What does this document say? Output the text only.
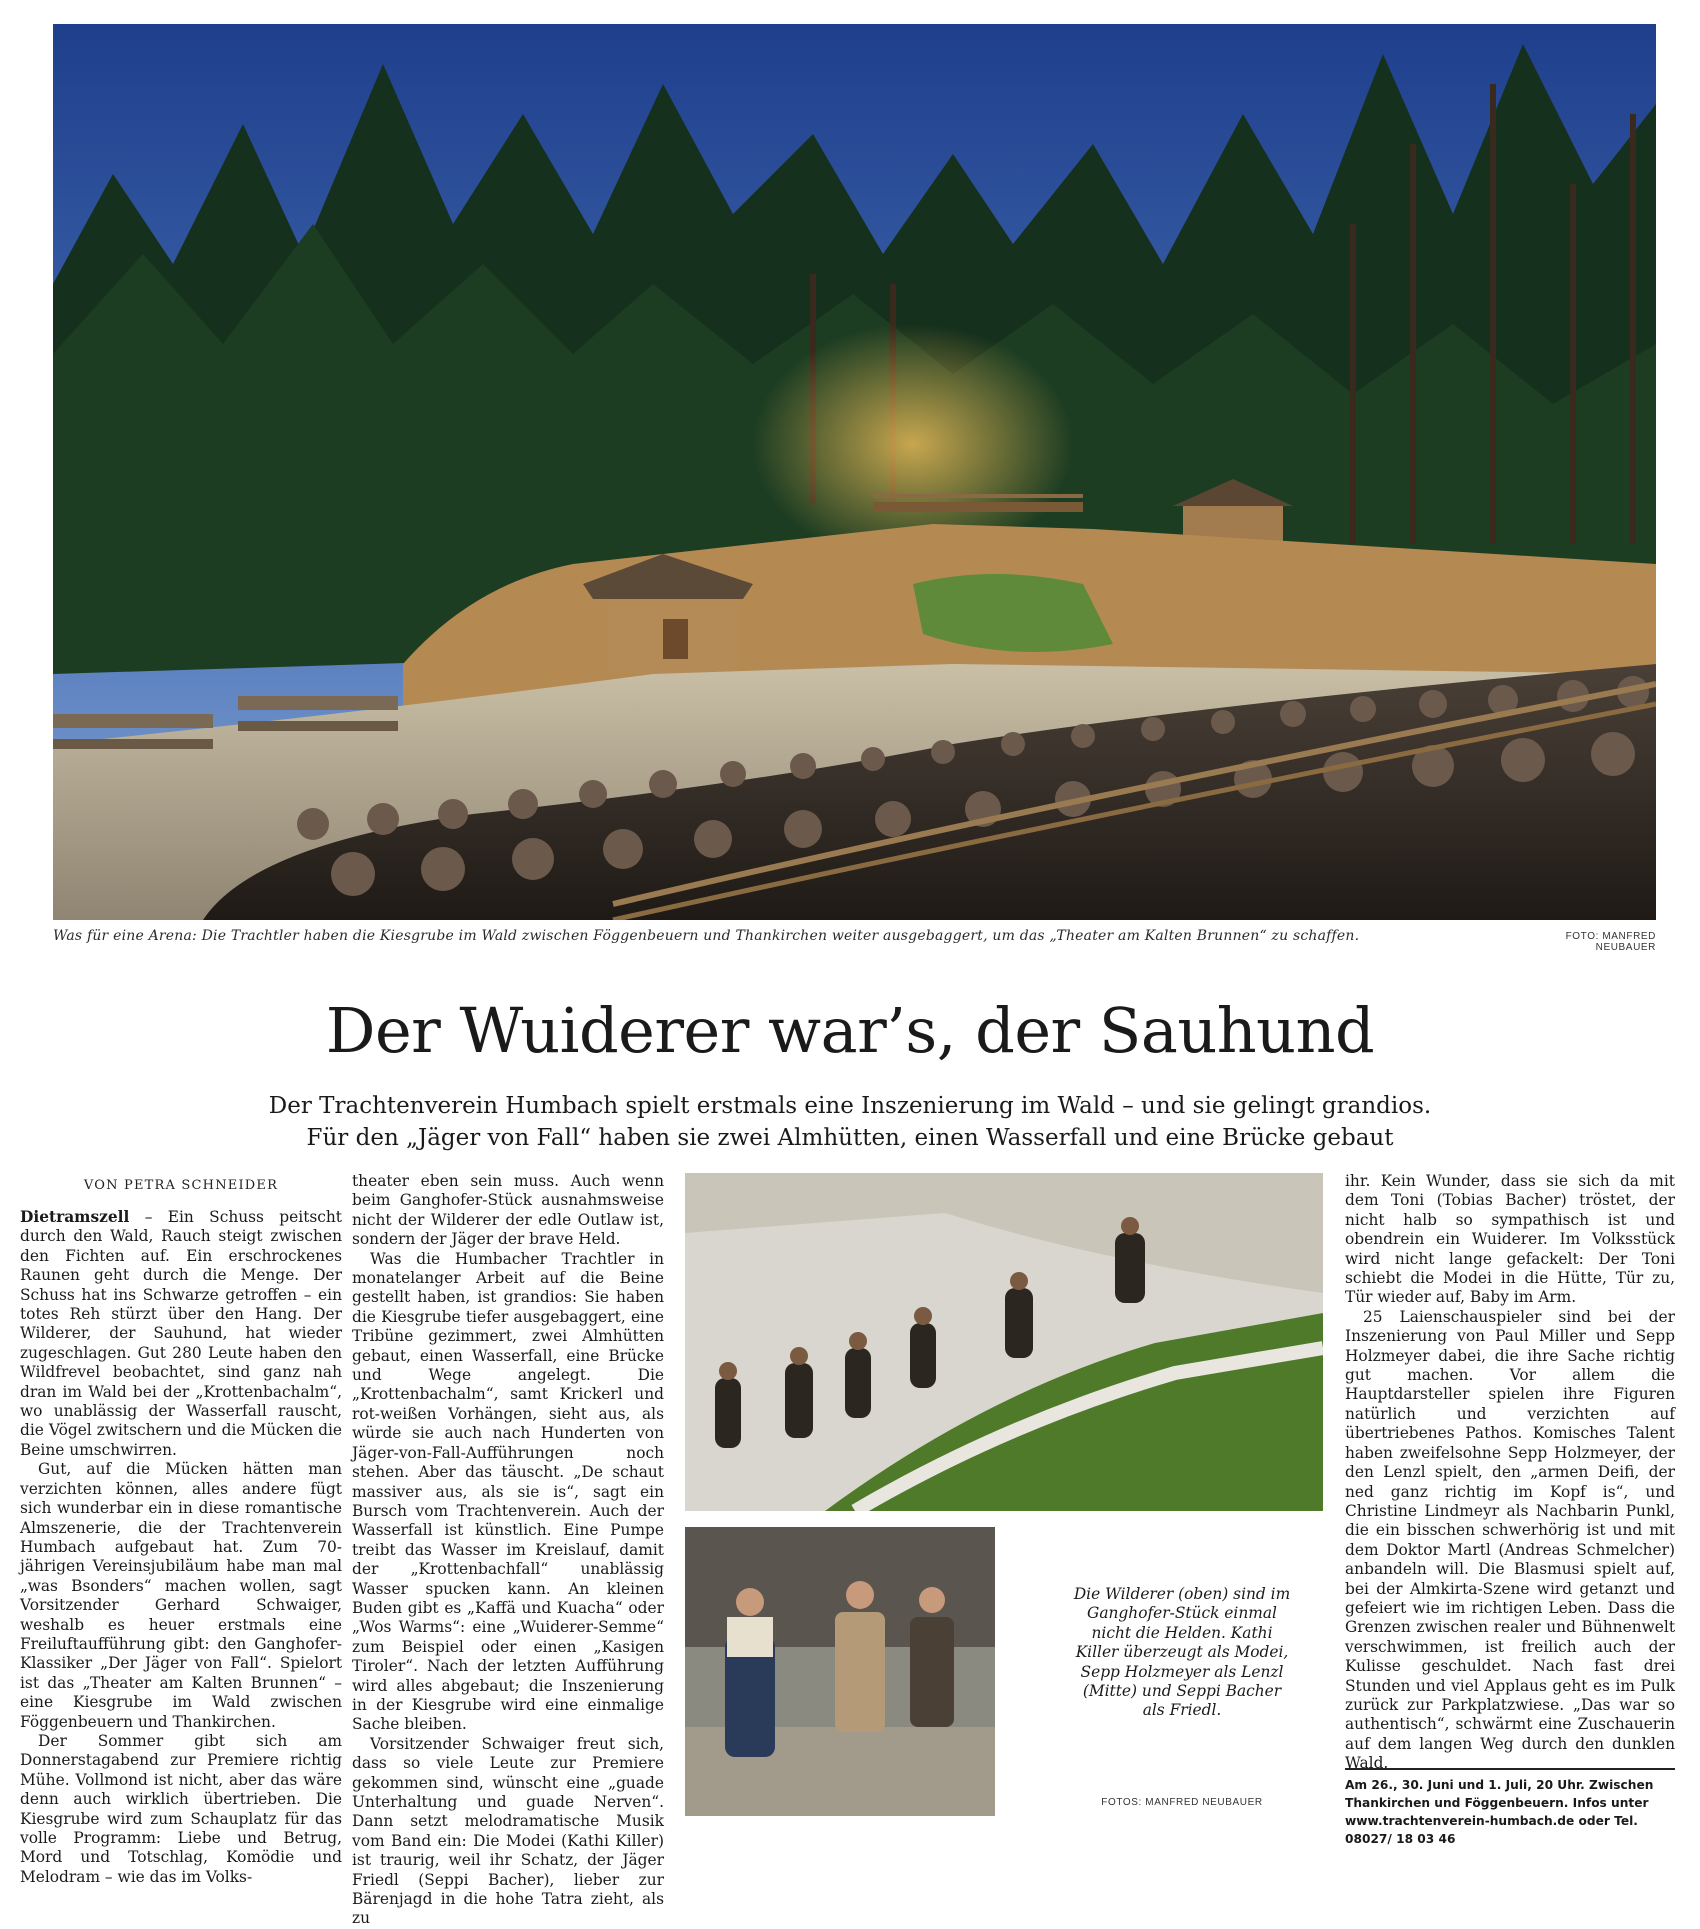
Was für eine Arena: Die Trachtler haben die Kiesgrube im Wald zwischen Föggenbeuern und Thankirchen weiter ausgebaggert, um das „Theater am Kalten Brunnen“ zu schaffen.	FOTO: MANFRED NEUBAUER
Der Wuiderer war’s, der Sauhund
Der Trachtenverein Humbach spielt erstmals eine Inszenierung im Wald – und sie gelingt grandios.
Für den „Jäger von Fall“ haben sie zwei Almhütten, einen Wasserfall und eine Brücke gebaut
VON PETRA SCHNEIDER

Dietramszell – Ein Schuss peitscht durch den Wald, Rauch steigt zwischen den Fichten auf. Ein erschrockenes Raunen geht durch die Menge. Der Schuss hat ins Schwarze getroffen – ein totes Reh stürzt über den Hang. Der Wilderer, der Sauhund, hat wieder zugeschlagen. Gut 280 Leute haben den Wildfrevel beobachtet, sind ganz nah dran im Wald bei der „Krottenbachalm“, wo unablässig der Wasserfall rauscht, die Vögel zwitschern und die Mücken die Beine umschwirren.

Gut, auf die Mücken hätten man verzichten können, alles andere fügt sich wunderbar ein in diese romantische Almszenerie, die der Trachtenverein Humbach aufgebaut hat. Zum 70-jährigen Vereinsjubiläum habe man mal „was Bsonders“ machen wollen, sagt Vorsitzender Gerhard Schwaiger, weshalb es heuer erstmals eine Freiluftaufführung gibt: den Ganghofer-Klassiker „Der Jäger von Fall“. Spielort ist das „Theater am Kalten Brunnen“ – eine Kiesgrube im Wald zwischen Föggenbeuern und Thankirchen.

Der Sommer gibt sich am Donnerstagabend zur Premiere richtig Mühe. Vollmond ist nicht, aber das wäre denn auch wirklich übertrieben. Die Kiesgrube wird zum Schauplatz für das volle Programm: Liebe und Betrug, Mord und Totschlag, Komödie und Melodram – wie das im Volks-

theater eben sein muss. Auch wenn beim Ganghofer-Stück ausnahmsweise nicht der Wilderer der edle Outlaw ist, sondern der Jäger der brave Held.

Was die Humbacher Trachtler in monatelanger Arbeit auf die Beine gestellt haben, ist grandios: Sie haben die Kiesgrube tiefer ausgebaggert, eine Tribüne gezimmert, zwei Almhütten gebaut, einen Wasserfall, eine Brücke und Wege angelegt. Die „Krottenbachalm“, samt Krickerl und rot-weißen Vorhängen, sieht aus, als würde sie auch nach Hunderten von Jäger-von-Fall-Aufführungen noch stehen. Aber das täuscht. „De schaut massiver aus, als sie is“, sagt ein Bursch vom Trachtenverein. Auch der Wasserfall ist künstlich. Eine Pumpe treibt das Wasser im Kreislauf, damit der „Krottenbachfall“ unablässig Wasser spucken kann. An kleinen Buden gibt es „Kaffä und Kuacha“ oder „Wos Warms“: eine „Wuiderer-Semme“ zum Beispiel oder einen „Kasigen Tiroler“. Nach der letzten Aufführung wird alles abgebaut; die Inszenierung in der Kiesgrube wird eine einmalige Sache bleiben.

Vorsitzender Schwaiger freut sich, dass so viele Leute zur Premiere gekommen sind, wünscht eine „guade Unterhaltung und guade Nerven“. Dann setzt melodramatische Musik vom Band ein: Die Modei (Kathi Killer) ist traurig, weil ihr Schatz, der Jäger Friedl (Seppi Bacher), lieber zur Bärenjagd in die hohe Tatra zieht, als zu

Die Wilderer (oben) sind im Ganghofer-Stück einmal nicht die Helden. Kathi Killer überzeugt als Modei, Sepp Holzmeyer als Lenzl (Mitte) und Seppi Bacher als Friedl.
FOTOS: MANFRED NEUBAUER

ihr. Kein Wunder, dass sie sich da mit dem Toni (Tobias Bacher) tröstet, der nicht halb so sympathisch ist und obendrein ein Wuiderer. Im Volksstück wird nicht lange gefackelt: Der Toni schiebt die Modei in die Hütte, Tür zu, Tür wieder auf, Baby im Arm.

25 Laienschauspieler sind bei der Inszenierung von Paul Miller und Sepp Holzmeyer dabei, die ihre Sache richtig gut machen. Vor allem die Hauptdarsteller spielen ihre Figuren natürlich und verzichten auf übertriebenes Pathos. Komisches Talent haben zweifelsohne Sepp Holzmeyer, der den Lenzl spielt, den „armen Deifi, der ned ganz richtig im Kopf is“, und Christine Lindmeyr als Nachbarin Punkl, die ein bisschen schwerhörig ist und mit dem Doktor Martl (Andreas Schmelcher) anbandeln will. Die Blasmusi spielt auf, bei der Almkirta-Szene wird getanzt und gefeiert wie im richtigen Leben. Dass die Grenzen zwischen realer und Bühnenwelt verschwimmen, ist freilich auch der Kulisse geschuldet. Nach fast drei Stunden und viel Applaus geht es im Pulk zurück zur Parkplatzwiese. „Das war so authentisch“, schwärmt eine Zuschauerin auf dem langen Weg durch den dunklen Wald.

Am 26., 30. Juni und 1. Juli, 20 Uhr. Zwischen Thankirchen und Föggenbeuern. Infos unter www.trachtenverein-humbach.de oder Tel. 08027/ 18 03 46
